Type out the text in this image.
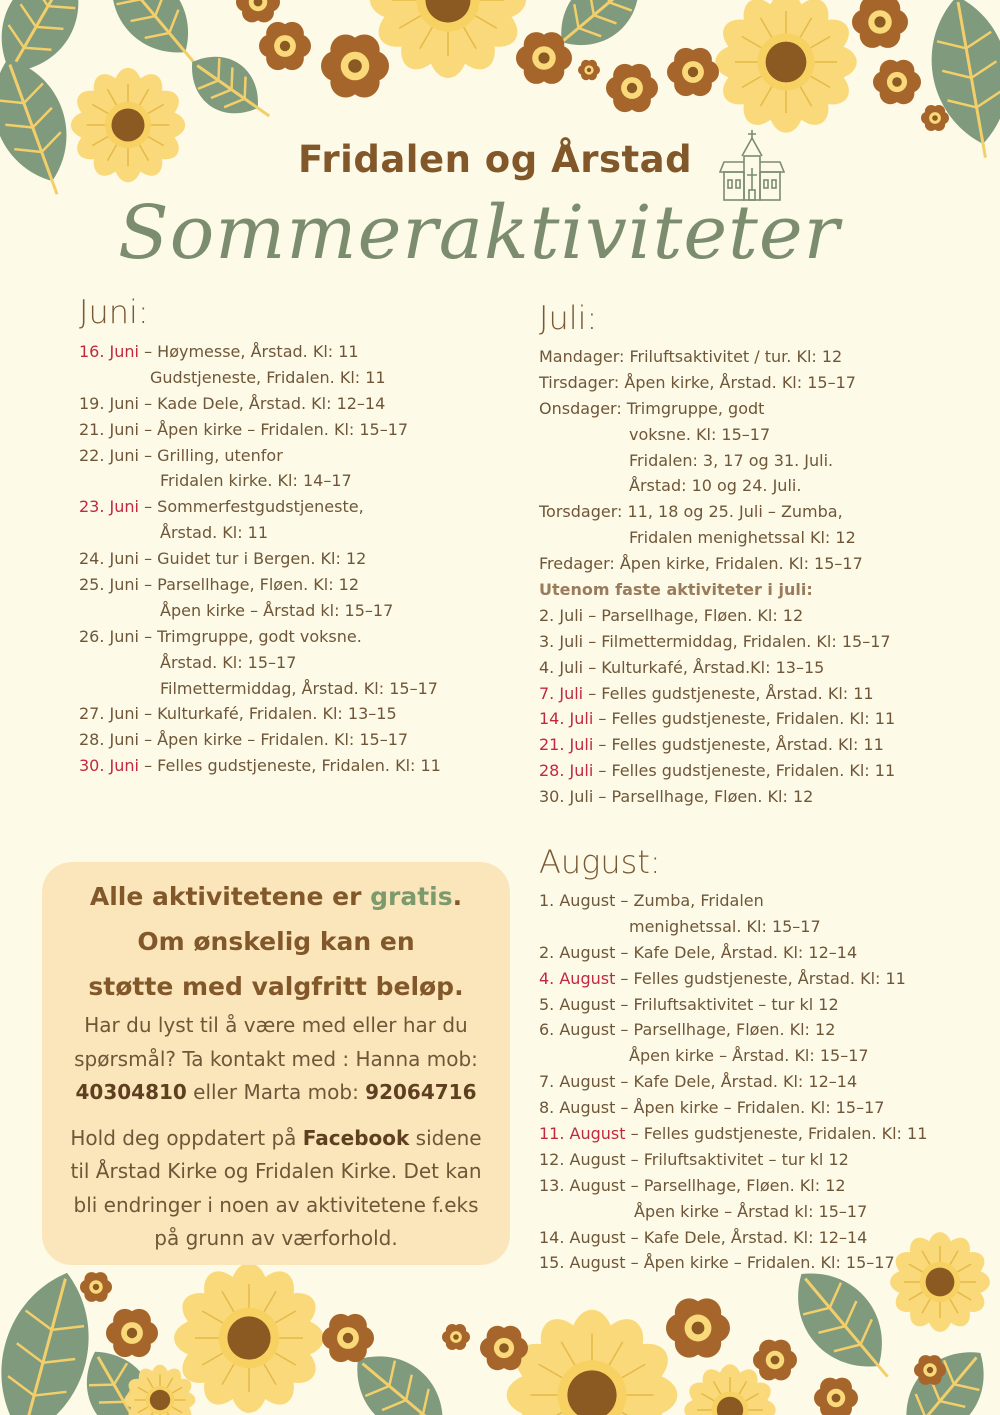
Fridalen og Årstad
Sommeraktiviteter
Juni:
16. Juni – Høymesse, Årstad. Kl: 11
Gudstjeneste, Fridalen. Kl: 11
19. Juni – Kade Dele, Årstad. Kl: 12–14
21. Juni – Åpen kirke – Fridalen. Kl: 15–17
22. Juni – Grilling, utenfor
Fridalen kirke. Kl: 14–17
23. Juni – Sommerfestgudstjeneste,
Årstad. Kl: 11
24. Juni – Guidet tur i Bergen. Kl: 12
25. Juni – Parsellhage, Fløen. Kl: 12
Åpen kirke – Årstad kl: 15–17
26. Juni – Trimgruppe, godt voksne.
Årstad. Kl: 15–17
Filmettermiddag, Årstad. Kl: 15–17
27. Juni – Kulturkafé, Fridalen. Kl: 13–15
28. Juni – Åpen kirke – Fridalen. Kl: 15–17
30. Juni – Felles gudstjeneste, Fridalen. Kl: 11
Juli:
Mandager: Friluftsaktivitet / tur. Kl: 12
Tirsdager: Åpen kirke, Årstad. Kl: 15–17
Onsdager: Trimgruppe, godt
voksne. Kl: 15–17
Fridalen: 3, 17 og 31. Juli.
Årstad: 10 og 24. Juli.
Torsdager: 11, 18 og 25. Juli – Zumba,
Fridalen menighetssal Kl: 12
Fredager: Åpen kirke, Fridalen. Kl: 15–17
Utenom faste aktiviteter i juli:
2. Juli – Parsellhage, Fløen. Kl: 12
3. Juli – Filmettermiddag, Fridalen. Kl: 15–17
4. Juli – Kulturkafé, Årstad.Kl: 13–15
7. Juli – Felles gudstjeneste, Årstad. Kl: 11
14. Juli – Felles gudstjeneste, Fridalen. Kl: 11
21. Juli – Felles gudstjeneste, Årstad. Kl: 11
28. Juli – Felles gudstjeneste, Fridalen. Kl: 11
30. Juli – Parsellhage, Fløen. Kl: 12
August:
1. August – Zumba, Fridalen
menighetssal. Kl: 15–17
2. August – Kafe Dele, Årstad. Kl: 12–14
4. August – Felles gudstjeneste, Årstad. Kl: 11
5. August – Friluftsaktivitet – tur kl 12
6. August – Parsellhage, Fløen. Kl: 12
Åpen kirke – Årstad. Kl: 15–17
7. August – Kafe Dele, Årstad. Kl: 12–14
8. August – Åpen kirke – Fridalen. Kl: 15–17
11. August – Felles gudstjeneste, Fridalen. Kl: 11
12. August – Friluftsaktivitet – tur kl 12
13. August – Parsellhage, Fløen. Kl: 12
Åpen kirke – Årstad kl: 15–17
14. August – Kafe Dele, Årstad. Kl: 12–14
15. August – Åpen kirke – Fridalen. Kl: 15–17
Alle aktivitetene er gratis.
Om ønskelig kan en
støtte med valgfritt beløp.
Har du lyst til å være med eller har du
spørsmål? Ta kontakt med : Hanna mob:
40304810 eller Marta mob: 92064716
Hold deg oppdatert på Facebook sidene
til Årstad Kirke og Fridalen Kirke. Det kan
bli endringer i noen av aktivitetene f.eks
på grunn av værforhold.
